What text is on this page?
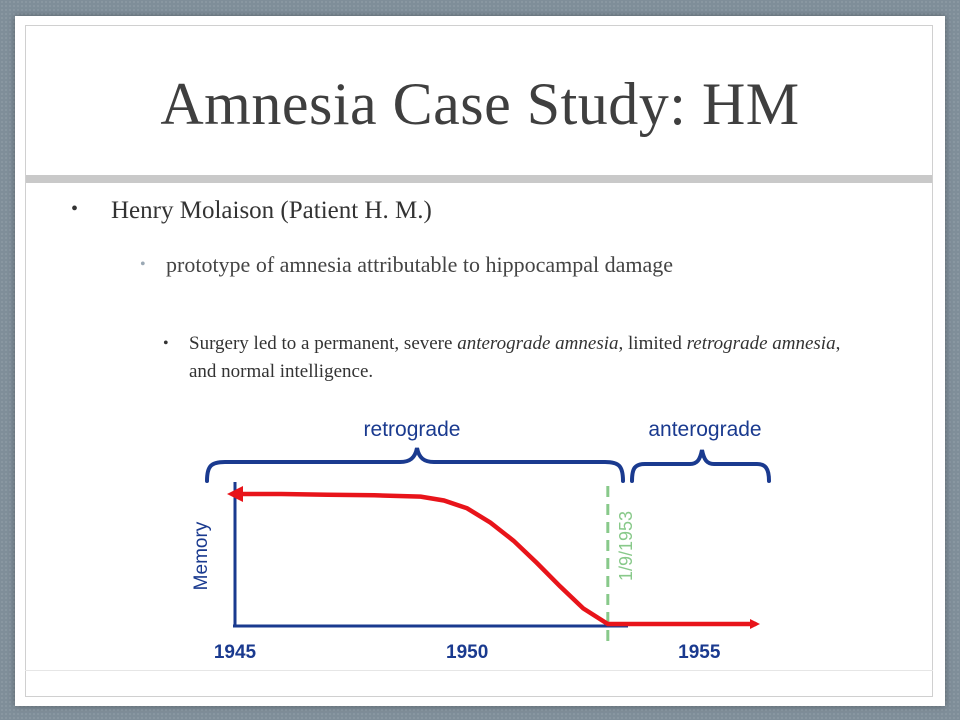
Amnesia Case Study: HM
• Henry Molaison (Patient H. M.)
• prototype of amnesia attributable to hippocampal damage
• Surgery led to a permanent, severe anterograde amnesia, limited retrograde amnesia, and normal intelligence.
retrograde	anterograde
Memory	1/9/1953
1945	1950	1955
